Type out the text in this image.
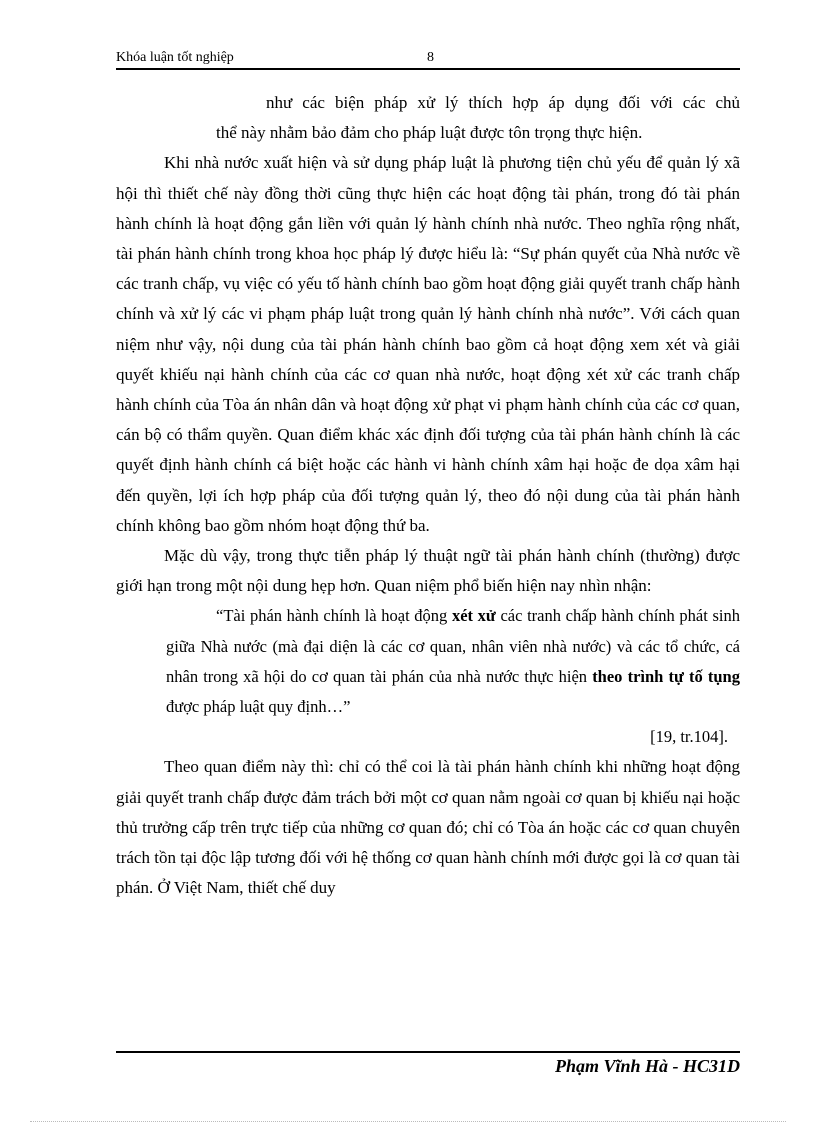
Khóa luận tốt nghiệp	8

như các biện pháp xử lý thích hợp áp dụng đối với các chủ

thể này nhằm bảo đảm cho pháp luật được tôn trọng thực hiện.

Khi nhà nước xuất hiện và sử dụng pháp luật là phương tiện chủ yếu để quản lý xã hội thì thiết chế này đồng thời cũng thực hiện các hoạt động tài phán, trong đó tài phán hành chính là hoạt động gắn liền với quản lý hành chính nhà nước. Theo nghĩa rộng nhất, tài phán hành chính trong khoa học pháp lý được hiểu là: “Sự phán quyết của Nhà nước về các tranh chấp, vụ việc có yếu tố hành chính bao gồm hoạt động giải quyết tranh chấp hành chính và xử lý các vi phạm pháp luật trong quản lý hành chính nhà nước”. Với cách quan niệm như vậy, nội dung của tài phán hành chính bao gồm cả hoạt động xem xét và giải quyết khiếu nại hành chính của các cơ quan nhà nước, hoạt động xét xử các tranh chấp hành chính của Tòa án nhân dân và hoạt động xử phạt vi phạm hành chính của các cơ quan, cán bộ có thẩm quyền. Quan điểm khác xác định đối tượng của tài phán hành chính là các quyết định hành chính cá biệt hoặc các hành vi hành chính xâm hại hoặc đe dọa xâm hại đến quyền, lợi ích hợp pháp của đối tượng quản lý, theo đó nội dung của tài phán hành chính không bao gồm nhóm hoạt động thứ ba.

Mặc dù vậy, trong thực tiễn pháp lý thuật ngữ tài phán hành chính (thường) được giới hạn trong một nội dung hẹp hơn. Quan niệm phổ biến hiện nay nhìn nhận:

“Tài phán hành chính là hoạt động xét xử các tranh chấp hành chính phát sinh giữa Nhà nước (mà đại diện là các cơ quan, nhân viên nhà nước) và các tổ chức, cá nhân trong xã hội do cơ quan tài phán của nhà nước thực hiện theo trình tự tố tụng được pháp luật quy định…”

[19, tr.104].

Theo quan điểm này thì: chỉ có thể coi là tài phán hành chính khi những hoạt động giải quyết tranh chấp được đảm trách bởi một cơ quan nằm ngoài cơ quan bị khiếu nại hoặc thủ trưởng cấp trên trực tiếp của những cơ quan đó; chỉ có Tòa án hoặc các cơ quan chuyên trách tồn tại độc lập tương đối với hệ thống cơ quan hành chính mới được gọi là cơ quan tài phán. Ở Việt Nam, thiết chế duy

Phạm Vĩnh Hà - HC31D
